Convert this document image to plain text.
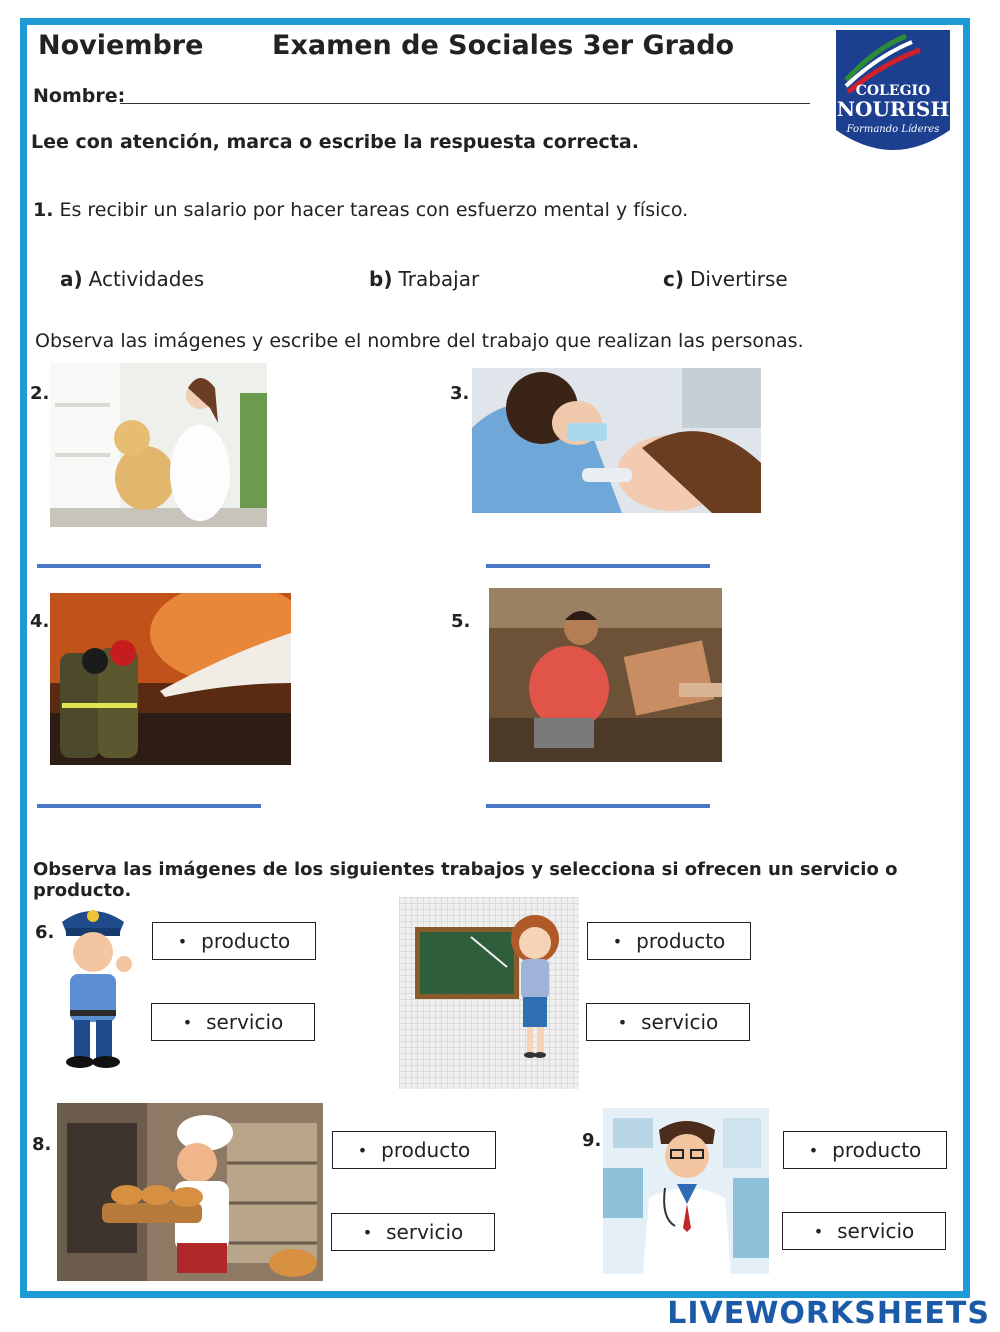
Noviembre	Examen de Sociales 3er Grado
Nombre:
Lee con atención, marca o escribe la respuesta correcta.
COLEGIO
NOURISH
Formando Líderes
1. Es recibir un salario por hacer tareas con esfuerzo mental y físico.
a) Actividades	b) Trabajar	c) Divertirse
Observa las imágenes y escribe el nombre del trabajo que realizan las personas.
2.	3.
4.	5.
Observa las imágenes de los siguientes trabajos y selecciona si ofrecen un servicio o producto.
6.	• producto
• servicio
• producto
• servicio
8.	• producto
• servicio
9.	• producto
• servicio
LIVEWORKSHEETS
